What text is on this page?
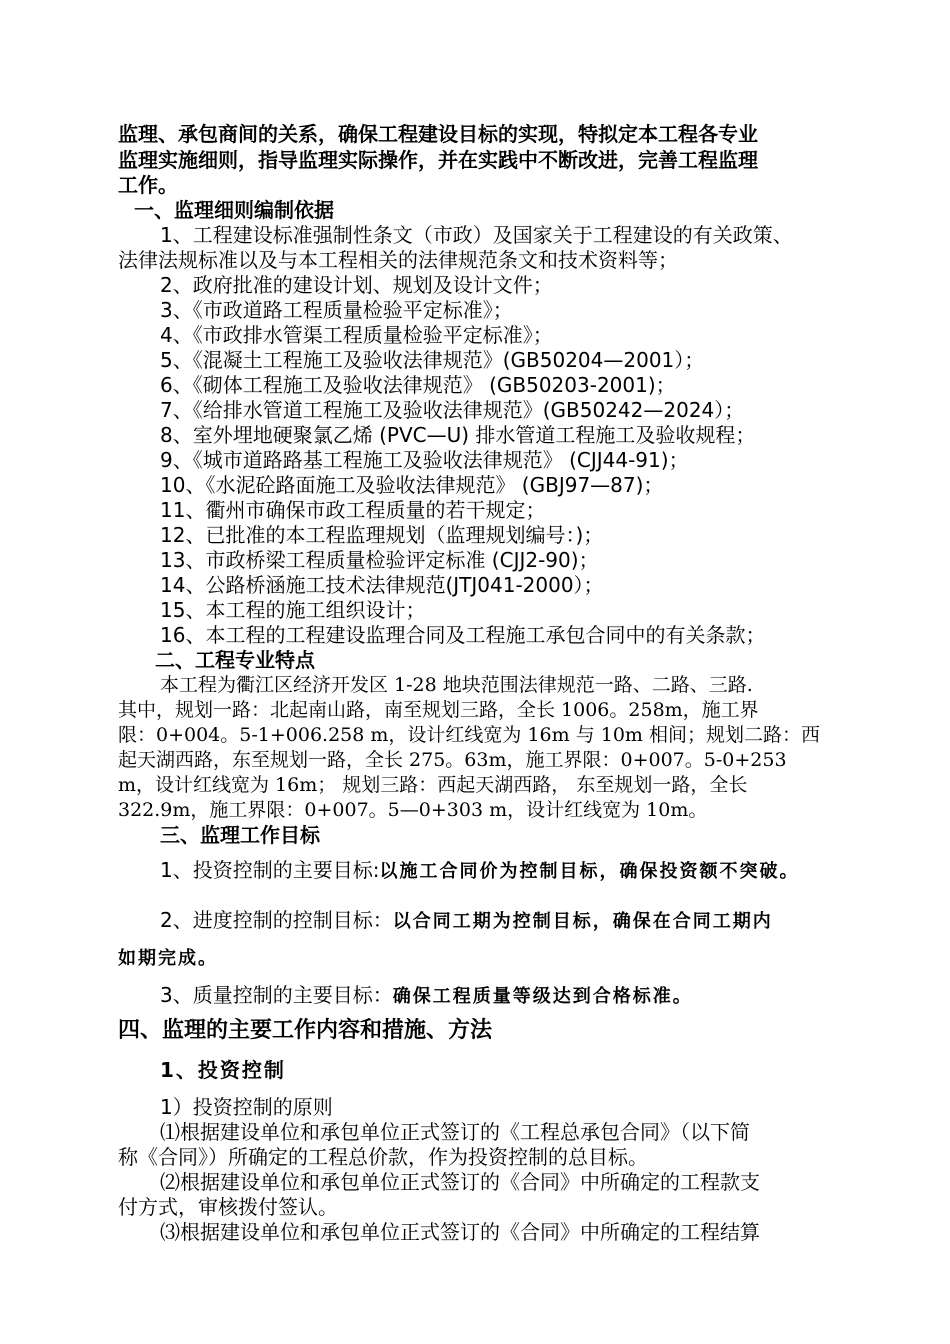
监理、承包商间的关系，确保工程建设目标的实现，特拟定本工程各专业
监理实施细则，指导监理实际操作，并在实践中不断改进，完善工程监理
工作。
一、监理细则编制依据
1、工程建设标准强制性条文（市政）及国家关于工程建设的有关政策、
法律法规标准以及与本工程相关的法律规范条文和技术资料等；
2、政府批准的建设计划、规划及设计文件；
3、《市政道路工程质量检验平定标准》；
4、《市政排水管渠工程质量检验平定标准》；
5、《混凝土工程施工及验收法律规范》(GB50204—2001）；
6、《砌体工程施工及验收法律规范》 (GB50203-2001)；
7、《给排水管道工程施工及验收法律规范》(GB50242—2024）；
8、室外埋地硬聚氯乙烯 (PVC—U) 排水管道工程施工及验收规程；
9、《城市道路路基工程施工及验收法律规范》 (CJJ44-91)；
10、《水泥砼路面施工及验收法律规范》 (GBJ97—87)；
11、衢州市确保市政工程质量的若干规定；
12、已批准的本工程监理规划（监理规划编号：)；
13、市政桥梁工程质量检验评定标准 (CJJ2-90)；
14、公路桥涵施工技术法律规范(JTJ041-2000）；
15、本工程的施工组织设计；
16、本工程的工程建设监理合同及工程施工承包合同中的有关条款；
二、工程专业特点
本工程为衢江区经济开发区 1-28 地块范围法律规范一路、二路、三路.
其中，规划一路：北起南山路，南至规划三路，全长 1006。258m，施工界
限：0+004。5-1+006.258 m，设计红线宽为 16m 与 10m 相间；规划二路：西
起天湖西路，东至规划一路，全长 275。63m，施工界限：0+007。5-0+253
m，设计红线宽为 16m； 规划三路：西起天湖西路， 东至规划一路，全长
322.9m，施工界限：0+007。5—0+303 m，设计红线宽为 10m。
三、监理工作目标
1、投资控制的主要目标:以施工合同价为控制目标，确保投资额不突破。
2、进度控制的控制目标：以合同工期为控制目标，确保在合同工期内
如期完成。
3、质量控制的主要目标：确保工程质量等级达到合格标准。
四、监理的主要工作内容和措施、方法
1、投资控制
1）投资控制的原则
⑴根据建设单位和承包单位正式签订的《工程总承包合同》（以下简
称《合同》）所确定的工程总价款，作为投资控制的总目标。
⑵根据建设单位和承包单位正式签订的《合同》中所确定的工程款支
付方式，审核拨付签认。
⑶根据建设单位和承包单位正式签订的《合同》中所确定的工程结算
